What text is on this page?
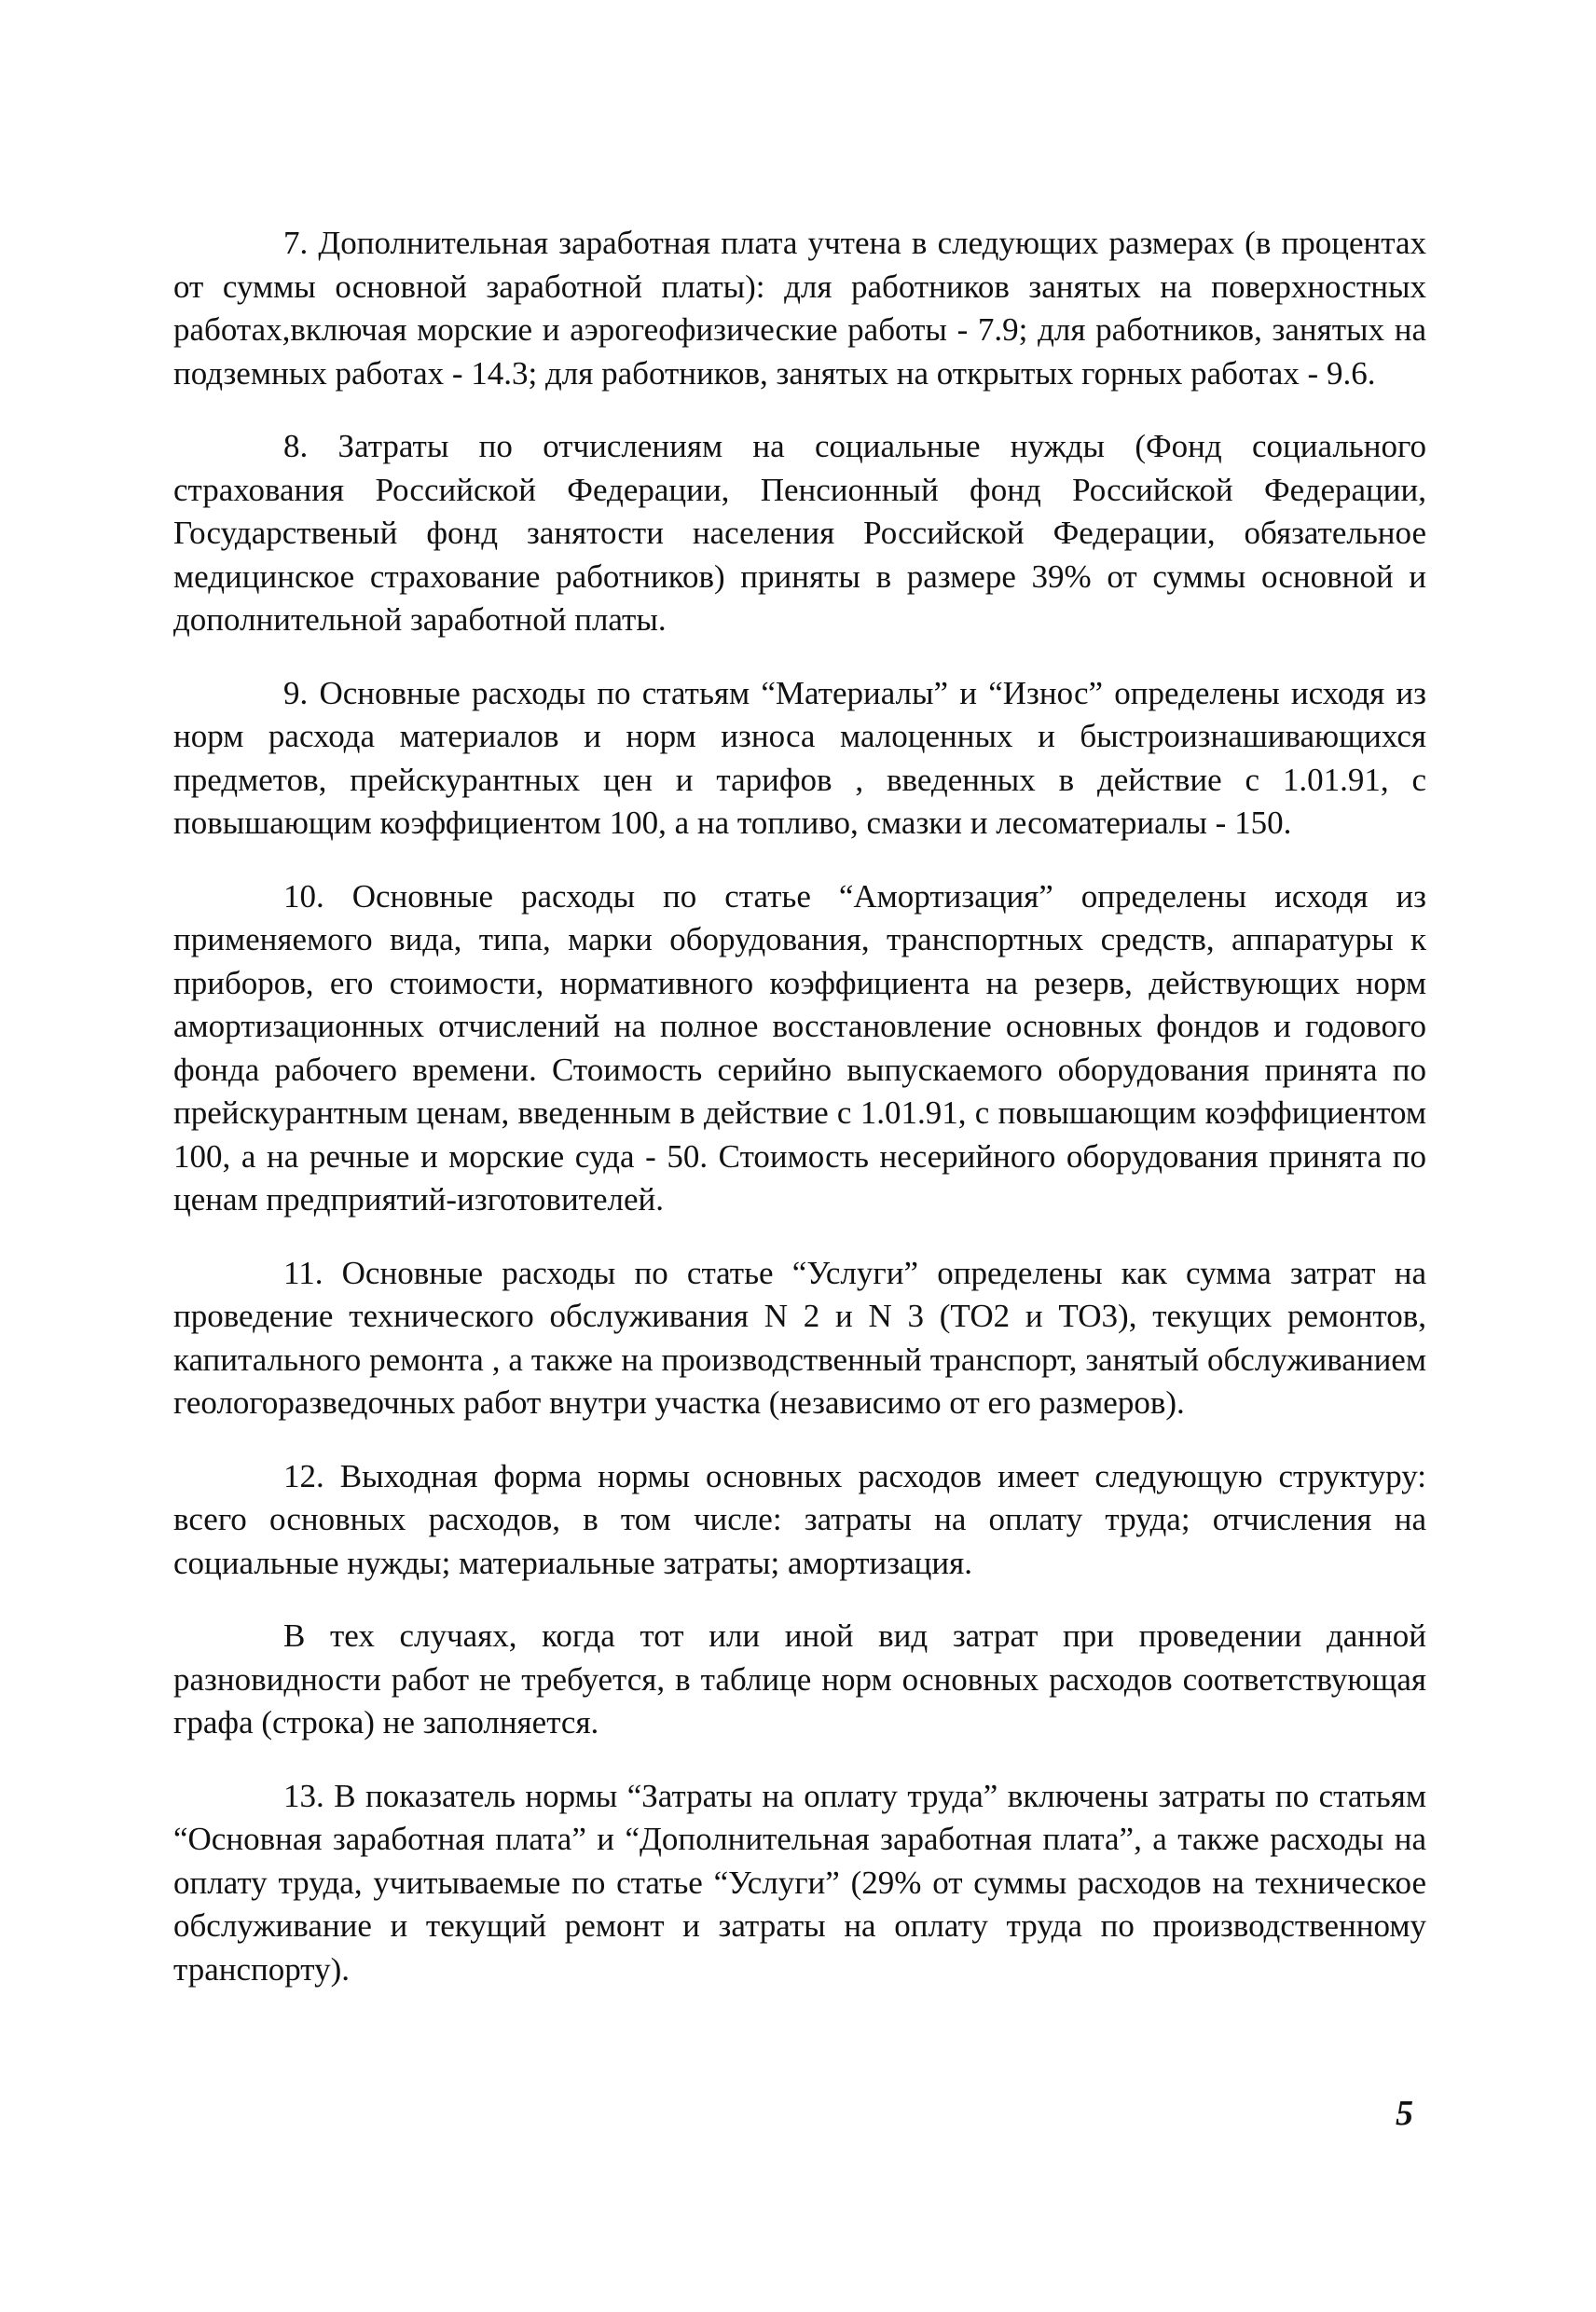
7. Дополнительная заработная плата учтена в следующих размерах (в процентах от суммы основной заработной платы): для работников занятых на поверхностных работах,включая морские и аэрогеофизические работы - 7.9; для работников, занятых на подземных работах - 14.3; для работников, занятых на открытых горных работах - 9.6.

8. Затраты по отчислениям на социальные нужды (Фонд социального страхования Российской Федерации, Пенсионный фонд Российской Федерации, Государственый фонд занятости населения Российской Федерации, обязательное медицинское страхование работников) приняты в размере 39% от суммы основной и дополнительной заработной платы.

9. Основные расходы по статьям “Материалы” и “Износ” определены исходя из норм расхода материалов и норм износа малоценных и быстроизнашивающихся предметов, прейскурантных цен и тарифов , введенных в действие с 1.01.91, с повышающим коэффициентом 100, а на топливо, смазки и лесоматериалы - 150.

10. Основные расходы по статье “Амортизация” определены исходя из применяемого вида, типа, марки оборудования, транспортных средств, аппаратуры к приборов, его стоимости, нормативного коэффициента на резерв, действующих норм амортизационных отчислений на полное восстановление основных фондов и годового фонда рабочего времени. Стоимость серийно выпускаемого оборудования принята по прейскурантным ценам, введенным в действие с 1.01.91, с повышающим коэффициентом 100, а на речные и морские суда - 50. Стоимость несерийного оборудования принята по ценам предприятий-изготовителей.

11. Основные расходы по статье “Услуги” определены как сумма затрат на проведение технического обслуживания N 2 и N 3 (ТО2 и ТО3), текущих ремонтов, капитального ремонта , а также на производственный транспорт, занятый обслуживанием геологоразведочных работ внутри участка (независимо от его размеров).

12. Выходная форма нормы основных расходов имеет следующую структуру: всего основных расходов, в том числе: затраты на оплату труда; отчисления на социальные нужды; материальные затраты; амортизация.

В тех случаях, когда тот или иной вид затрат при проведении данной разновидности работ не требуется, в таблице норм основных расходов соответствующая графа (строка) не заполняется.

13. В показатель нормы “Затраты на оплату труда” включены затраты по статьям “Основная заработная плата” и “Дополнительная заработная плата”, а также расходы на оплату труда, учитываемые по статье “Услуги” (29% от суммы расходов на техническое обслуживание и текущий ремонт и затраты на оплату труда по производственному транспорту).

5
